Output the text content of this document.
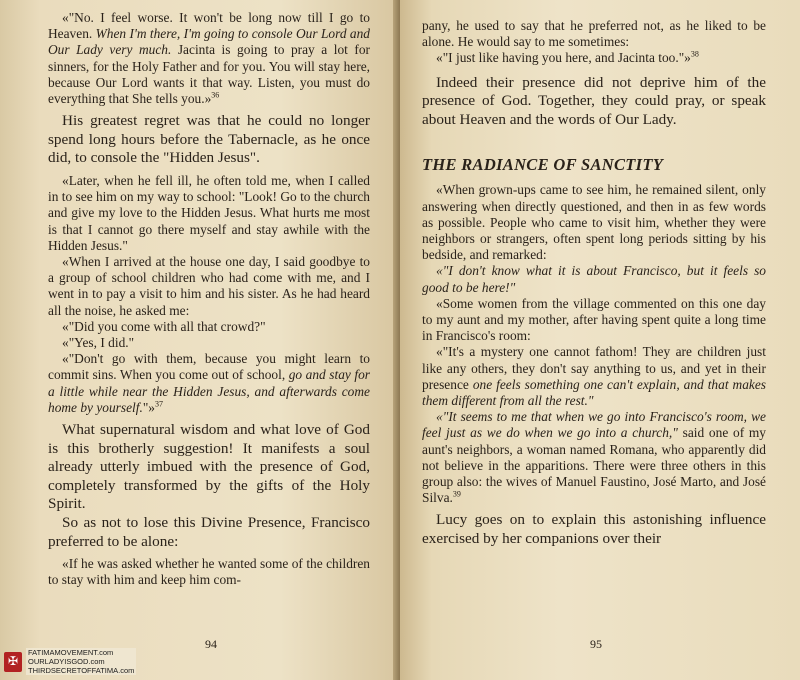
«"No. I feel worse. It won't be long now till I go to Heaven. When I'm there, I'm going to console Our Lord and Our Lady very much. Jacinta is going to pray a lot for sinners, for the Holy Father and for you. You will stay here, because Our Lord wants it that way. Listen, you must do everything that She tells you.»$^{36}$

His greatest regret was that he could no longer spend long hours before the Tabernacle, as he once did, to console the "Hidden Jesus".

«Later, when he fell ill, he often told me, when I called in to see him on my way to school: "Look! Go to the church and give my love to the Hidden Jesus. What hurts me most is that I cannot go there myself and stay awhile with the Hidden Jesus."

«When I arrived at the house one day, I said goodbye to a group of school children who had come with me, and I went in to pay a visit to him and his sister. As he had heard all the noise, he asked me:

«"Did you come with all that crowd?"

«"Yes, I did."

«"Don't go with them, because you might learn to commit sins. When you come out of school, go and stay for a little while near the Hidden Jesus, and afterwards come home by yourself."»$^{37}$

What supernatural wisdom and what love of God is this brotherly suggestion! It manifests a soul already utterly imbued with the presence of God, completely transformed by the gifts of the Holy Spirit.

So as not to lose this Divine Presence, Francisco preferred to be alone:

«If he was asked whether he wanted some of the children to stay with him and keep him com-

94

pany, he used to say that he preferred not, as he liked to be alone. He would say to me sometimes:

«"I just like having you here, and Jacinta too."»$^{38}$

Indeed their presence did not deprive him of the presence of God. Together, they could pray, or speak about Heaven and the words of Our Lady.

THE RADIANCE OF SANCTITY

«When grown-ups came to see him, he remained silent, only answering when directly questioned, and then in as few words as possible. People who came to visit him, whether they were neighbors or strangers, often spent long periods sitting by his bedside, and remarked:

«"I don't know what it is about Francisco, but it feels so good to be here!"

«Some women from the village commented on this one day to my aunt and my mother, after having spent quite a long time in Francisco's room:

«"It's a mystery one cannot fathom! They are children just like any others, they don't say anything to us, and yet in their presence one feels something one can't explain, and that makes them different from all the rest."

«"It seems to me that when we go into Francisco's room, we feel just as we do when we go into a church," said one of my aunt's neighbors, a woman named Romana, who apparently did not believe in the apparitions. There were three others in this group also: the wives of Manuel Faustino, José Marto, and José Silva.$^{39}$

Lucy goes on to explain this astonishing influence exercised by her companions over their

95
✠
FATIMAMOVEMENT.com
OURLADYISGOD.com
THIRDSECRETOFFATIMA.com
